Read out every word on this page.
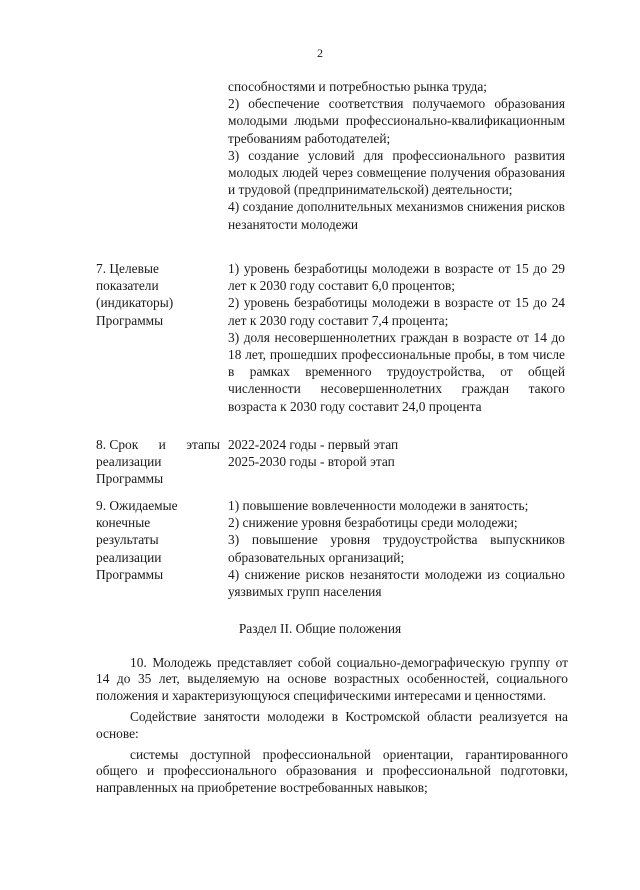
2
способностями и потребностью рынка труда;
2) обеспечение соответствия получаемого образования молодыми людьми профессионально-квалификационным требованиям работодателей;
3) создание условий для профессионального развития молодых людей через совмещение получения образования и трудовой (предпринимательской) деятельности;
4) создание дополнительных механизмов снижения рисков незанятости молодежи
7. Целевые
показатели
(индикаторы)
Программы
1) уровень безработицы молодежи в возрасте от 15 до 29 лет к 2030 году составит 6,0 процентов;
2) уровень безработицы молодежи в возрасте от 15 до 24 лет к 2030 году составит 7,4 процента;
3) доля несовершеннолетних граждан в возрасте от 14 до 18 лет, прошедших профессиональные пробы, в том числе в рамках временного трудоустройства, от общей численности несовершеннолетних граждан такого возраста к 2030 году составит 24,0 процента
8. Срок и этапы
реализации
Программы
2022-2024 годы - первый этап
2025-2030 годы - второй этап
9. Ожидаемые
конечные
результаты
реализации
Программы
1) повышение вовлеченности молодежи в занятость;
2) снижение уровня безработицы среди молодежи;
3) повышение уровня трудоустройства выпускников образовательных организаций;
4) снижение рисков незанятости молодежи из социально уязвимых групп населения
Раздел II. Общие положения

10. Молодежь представляет собой социально-демографическую группу от 14 до 35 лет, выделяемую на основе возрастных особенностей, социального положения и характеризующуюся специфическими интересами и ценностями.

Содействие занятости молодежи в Костромской области реализуется на основе:

системы доступной профессиональной ориентации, гарантированного общего и профессионального образования и профессиональной подготовки, направленных на приобретение востребованных навыков;
